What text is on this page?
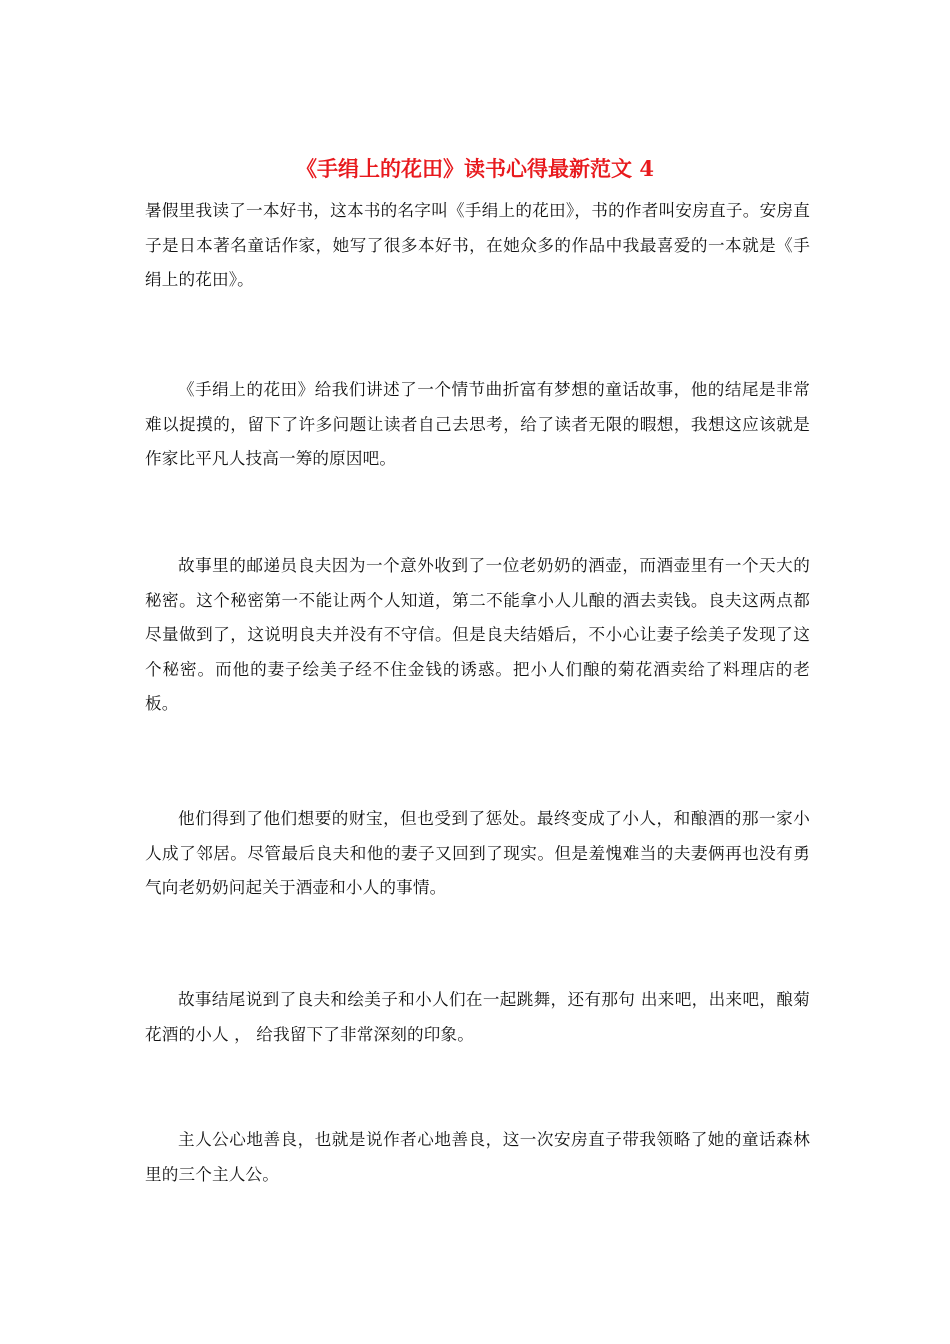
《手绢上的花田》读书心得最新范文 4

暑假里我读了一本好书，这本书的名字叫《手绢上的花田》，书的作者叫安房直子。安房直子是日本著名童话作家，她写了很多本好书，在她众多的作品中我最喜爱的一本就是《手绢上的花田》。

《手绢上的花田》给我们讲述了一个情节曲折富有梦想的童话故事，他的结尾是非常难以捉摸的，留下了许多问题让读者自己去思考，给了读者无限的暇想，我想这应该就是作家比平凡人技高一筹的原因吧。

故事里的邮递员良夫因为一个意外收到了一位老奶奶的酒壶，而酒壶里有一个天大的秘密。这个秘密第一不能让两个人知道，第二不能拿小人儿酿的酒去卖钱。良夫这两点都尽量做到了，这说明良夫并没有不守信。但是良夫结婚后，不小心让妻子绘美子发现了这个秘密。而他的妻子绘美子经不住金钱的诱惑。把小人们酿的菊花酒卖给了料理店的老板。

他们得到了他们想要的财宝，但也受到了惩处。最终变成了小人，和酿酒的那一家小人成了邻居。尽管最后良夫和他的妻子又回到了现实。但是羞愧难当的夫妻俩再也没有勇气向老奶奶问起关于酒壶和小人的事情。

故事结尾说到了良夫和绘美子和小人们在一起跳舞，还有那句 出来吧，出来吧，酿菊花酒的小人 ， 给我留下了非常深刻的印象。

主人公心地善良，也就是说作者心地善良，这一次安房直子带我领略了她的童话森林 里的三个主人公。
